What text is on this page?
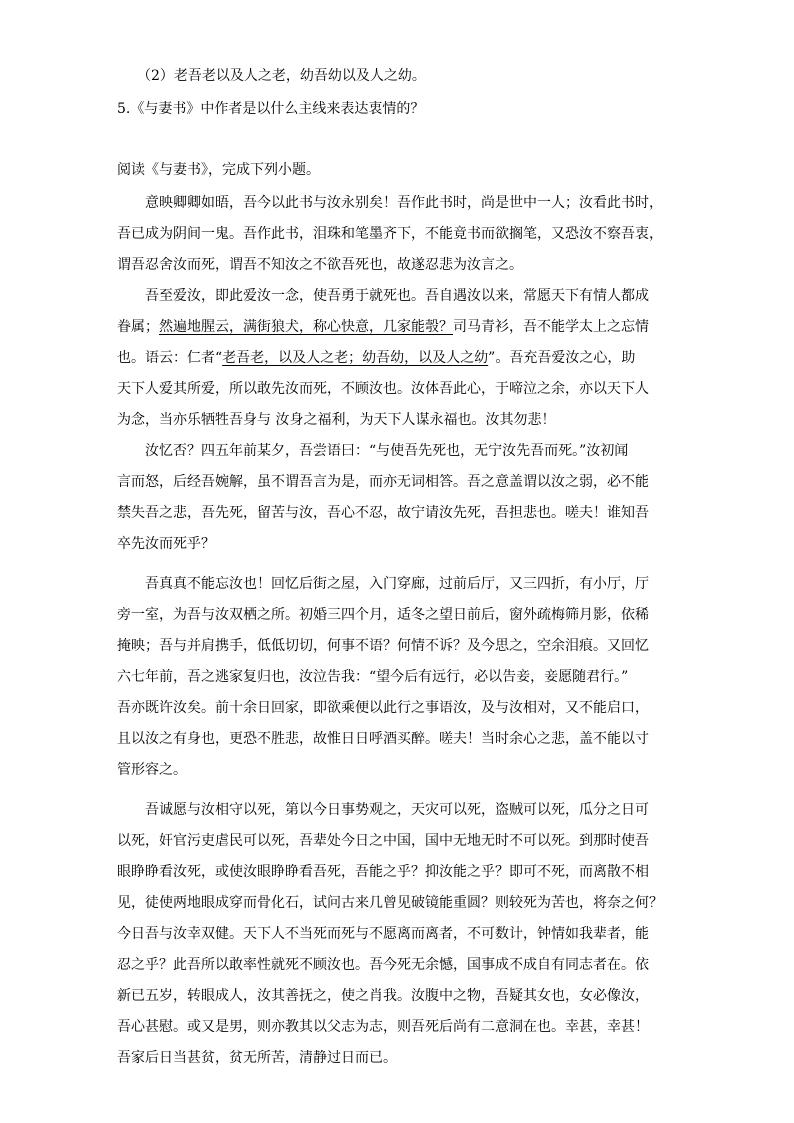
（2）老吾老以及人之老，幼吾幼以及人之幼。
5.《与妻书》中作者是以什么主线来表达衷情的？
阅读《与妻书》，完成下列小题。
意映卿卿如晤，吾今以此书与汝永别矣！吾作此书时，尚是世中一人；汝看此书时，
吾已成为阴间一鬼。吾作此书，泪珠和笔墨齐下，不能竟书而欲搁笔，又恐汝不察吾衷，
谓吾忍舍汝而死，谓吾不知汝之不欲吾死也，故遂忍悲为汝言之。
吾至爱汝，即此爱汝一念，使吾勇于就死也。吾自遇汝以来，常愿天下有情人都成
眷属；然遍地腥云，满街狼犬，称心快意，几家能彀？司马青衫，吾不能学太上之忘情
也。语云：仁者“老吾老，以及人之老；幼吾幼，以及人之幼”。吾充吾爱汝之心，助
天下人爱其所爱，所以敢先汝而死，不顾汝也。汝体吾此心，于啼泣之余，亦以天下人
为念，当亦乐牺牲吾身与 汝身之福利，为天下人谋永福也。汝其勿悲！
汝忆否？四五年前某夕，吾尝语曰：“与使吾先死也，无宁汝先吾而死。”汝初闻
言而怒，后经吾婉解，虽不谓吾言为是，而亦无词相答。吾之意盖谓以汝之弱，必不能
禁失吾之悲，吾先死，留苦与汝，吾心不忍，故宁请汝先死，吾担悲也。嗟夫！谁知吾
卒先汝而死乎？
吾真真不能忘汝也！回忆后街之屋，入门穿廊，过前后厅，又三四折，有小厅，厅
旁一室，为吾与汝双栖之所。初婚三四个月，适冬之望日前后，窗外疏梅筛月影，依稀
掩映；吾与并肩携手，低低切切，何事不语？何情不诉？及今思之，空余泪痕。又回忆
六七年前，吾之逃家复归也，汝泣告我：“望今后有远行，必以告妾，妾愿随君行。”
吾亦既许汝矣。前十余日回家，即欲乘便以此行之事语汝，及与汝相对，又不能启口，
且以汝之有身也，更恐不胜悲，故惟日日呼酒买醉。嗟夫！当时余心之悲，盖不能以寸
管形容之。
吾诚愿与汝相守以死，第以今日事势观之，天灾可以死，盗贼可以死，瓜分之日可
以死，奸官污吏虐民可以死，吾辈处今日之中国，国中无地无时不可以死。到那时使吾
眼睁睁看汝死，或使汝眼睁睁看吾死，吾能之乎？抑汝能之乎？即可不死，而离散不相
见，徒使两地眼成穿而骨化石，试问古来几曾见破镜能重圆？则较死为苦也，将奈之何？
今日吾与汝幸双健。天下人不当死而死与不愿离而离者，不可数计，钟情如我辈者，能
忍之乎？此吾所以敢率性就死不顾汝也。吾今死无余憾，国事成不成自有同志者在。依
新已五岁，转眼成人，汝其善抚之，使之肖我。汝腹中之物，吾疑其女也，女必像汝，
吾心甚慰。或又是男，则亦教其以父志为志，则吾死后尚有二意洞在也。幸甚，幸甚！
吾家后日当甚贫，贫无所苦，清静过日而已。
